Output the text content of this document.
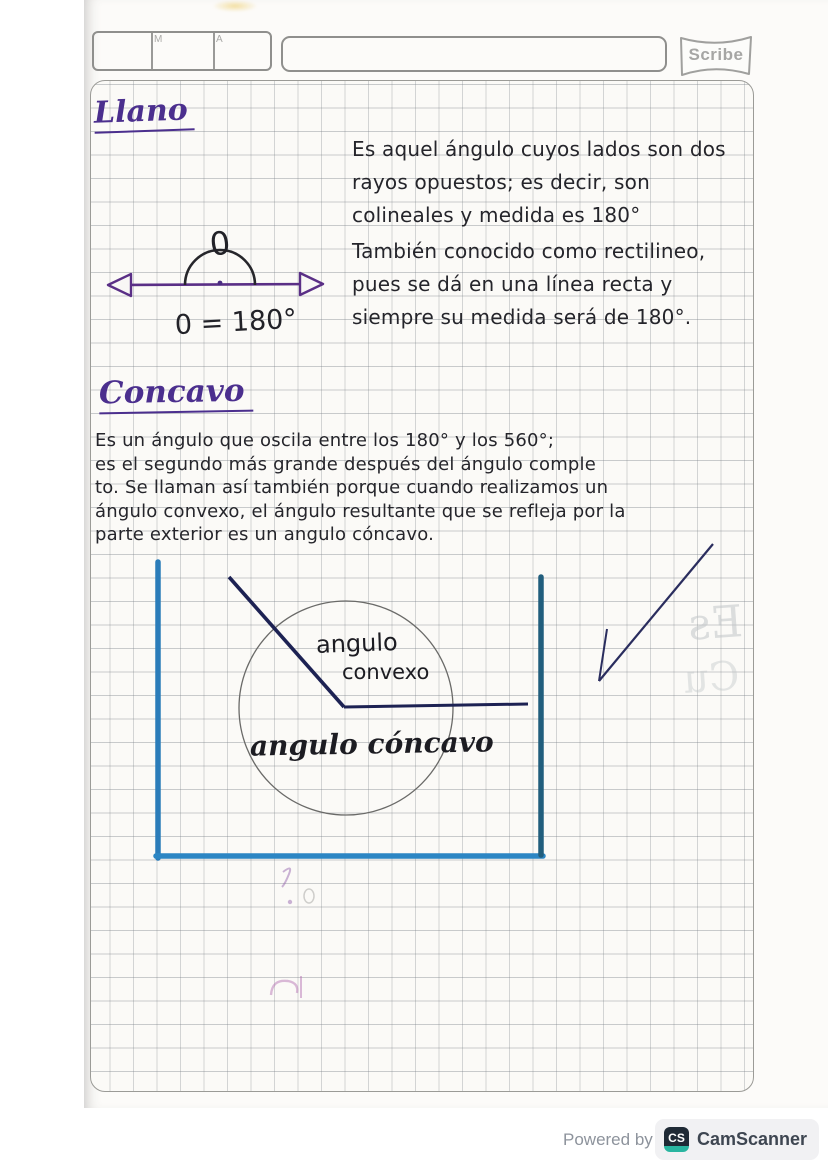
M	A
Scribe
Llano
Es aquel ángulo cuyos lados son dos
rayos opuestos; es decir, son
colineales y medida es 180°
También conocido como rectilineo,
pues se dá en una línea recta y
siempre su medida será de 180°.
0
0 = 180°
Concavo
Es un ángulo que oscila entre los 180° y los 560°;
es el segundo más grande después del ángulo comple
to. Se llaman así también porque cuando realizamos un
ángulo convexo, el ángulo resultante que se refleja por la
parte exterior es un angulo cóncavo.
angulo
convexo
angulo cóncavo
Es
Cu
Powered by	CS CamScanner
